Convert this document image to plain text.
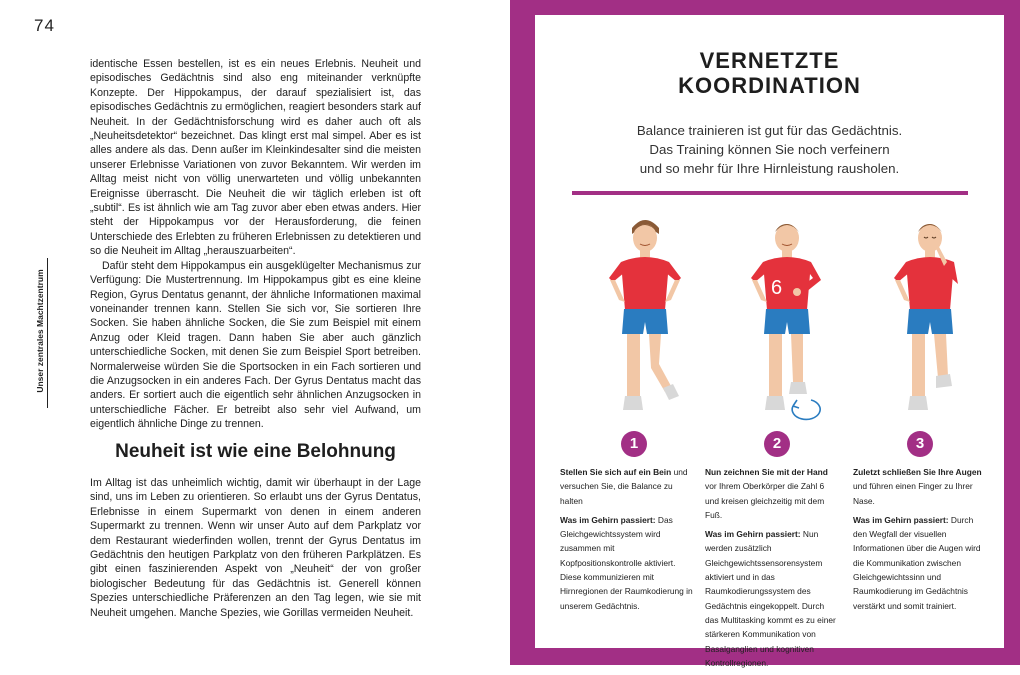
74
Unser zentrales Machtzentrum

identische Essen bestellen, ist es ein neues Erlebnis. Neuheit und episodisches Gedächtnis sind also eng miteinander verknüpfte Konzepte. Der Hippokampus, der darauf spezialisiert ist, das episodisches Gedächtnis zu ermöglichen, reagiert besonders stark auf Neuheit. In der Gedächtnisforschung wird es daher auch oft als „Neuheitsdetektor“ bezeichnet. Das klingt erst mal simpel. Aber es ist alles andere als das. Denn außer im Kleinkindesalter sind die meisten unserer Erlebnisse Variationen von zuvor Bekanntem. Wir werden im Alltag meist nicht von völlig unerwarteten und völlig unbekannten Ereignisse überrascht. Die Neuheit die wir täglich erleben ist oft „subtil“. Es ist ähnlich wie am Tag zuvor aber eben etwas anders. Hier steht der Hippokampus vor der Herausforderung, die feinen Unterschiede des Erlebten zu früheren Erlebnissen zu detektieren und so die Neuheit im Alltag „herauszuarbeiten“.

Dafür steht dem Hippokampus ein ausgeklügelter Mechanismus zur Verfügung: Die Mustertrennung. Im Hippokampus gibt es eine kleine Region, Gyrus Dentatus genannt, der ähnliche Informationen maximal voneinander trennen kann. Stellen Sie sich vor, Sie sortieren Ihre Socken. Sie haben ähnliche Socken, die Sie zum Beispiel mit einem Anzug oder Kleid tragen. Dann haben Sie aber auch gänzlich unterschiedliche Socken, mit denen Sie zum Beispiel Sport betreiben. Normalerweise würden Sie die Sportsocken in ein Fach sortieren und die Anzugsocken in ein anderes Fach. Der Gyrus Dentatus macht das anders. Er sortiert auch die eigentlich sehr ähnlichen Anzugsocken in unterschiedliche Fächer. Er betreibt also sehr viel Aufwand, um eigentlich ähnliche Dinge zu trennen.

Neuheit ist wie eine Belohnung

Im Alltag ist das unheimlich wichtig, damit wir überhaupt in der Lage sind, uns im Leben zu orientieren. So erlaubt uns der Gyrus Dentatus, Erlebnisse in einem Supermarkt von denen in einem anderen Supermarkt zu trennen. Wenn wir unser Auto auf dem Parkplatz vor dem Restaurant wiederfinden wollen, trennt der Gyrus Dentatus im Gedächtnis den heutigen Parkplatz von den früheren Parkplätzen. Es gibt einen faszinierenden Aspekt von „Neuheit“ der von großer biologischer Bedeutung für das Gedächtnis ist. Generell können Spezies unterschiedliche Präferenzen an den Tag legen, wie sie mit Neuheit umgehen. Manche Spezies, wie Gorillas vermeiden Neuheit.

VERNETZTE
KOORDINATION
Balance trainieren ist gut für das Gedächtnis.
Das Training können Sie noch verfeinern
und so mehr für Ihre Hirnleistung rausholen.
6
1	2	3

Stellen Sie sich auf ein Bein und versuchen Sie, die Balance zu halten

Was im Gehirn passiert: Das Gleichgewichtssystem wird zusammen mit Kopfpositionskontrolle aktiviert. Diese kommunizieren mit Hirnregionen der Raumkodierung in unserem Gedächtnis.

Nun zeichnen Sie mit der Hand vor Ihrem Oberkörper die Zahl 6 und kreisen gleichzeitig mit dem Fuß.

Was im Gehirn passiert: Nun werden zusätzlich Gleichgewichtssensorensystem aktiviert und in das Raumkodierungssystem des Gedächtnis eingekoppelt. Durch das Multitasking kommt es zu einer stärkeren Kommunikation von Basalganglien und kognitiven Kontrollregionen.

Zuletzt schließen Sie Ihre Augen und führen einen Finger zu Ihrer Nase.

Was im Gehirn passiert: Durch den Wegfall der visuellen Informationen über die Augen wird die Kommunikation zwischen Gleichgewichtssinn und Raumkodierung im Gedächtnis verstärkt und somit trainiert.
